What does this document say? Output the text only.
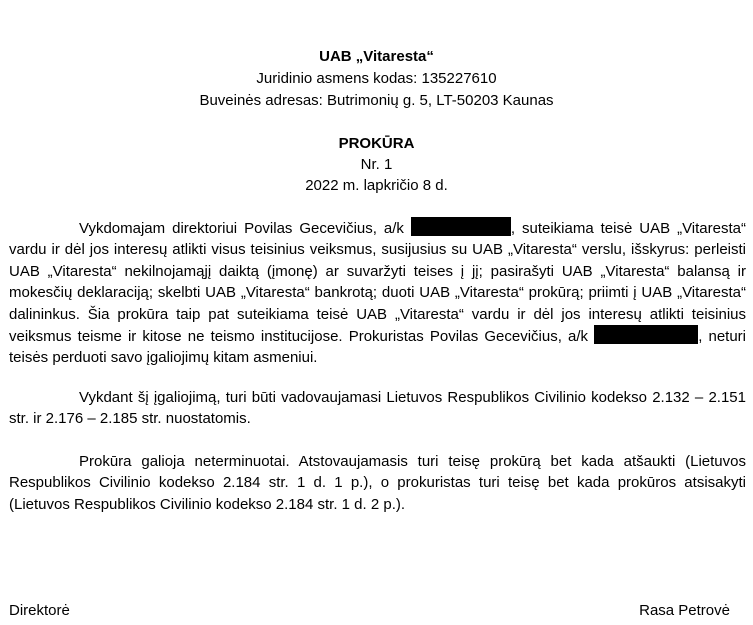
UAB „Vitaresta“
Juridinio asmens kodas: 135227610
Buveinės adresas: Butrimonių g. 5, LT-50203 Kaunas
PROKŪRA
Nr. 1
2022 m. lapkričio 8 d.

Vykdomajam direktoriui Povilas Gecevičius, a/k	, suteikiama teisė UAB „Vitaresta“ vardu ir dėl jos interesų atlikti visus teisinius veiksmus, susijusius su UAB „Vitaresta“ verslu, išskyrus: perleisti UAB „Vitaresta“ nekilnojamąjį daiktą (įmonę) ar suvaržyti teises į jį; pasirašyti UAB „Vitaresta“ balansą ir mokesčių deklaraciją; skelbti UAB „Vitaresta“ bankrotą; duoti UAB „Vitaresta“ prokūrą; priimti į UAB „Vitaresta“ dalininkus. Šia prokūra taip pat suteikiama teisė UAB „Vitaresta“ vardu ir dėl jos interesų atlikti teisinius veiksmus teisme ir kitose ne teismo institucijose. Prokuristas Povilas Gecevičius, a/k	, neturi teisės perduoti savo įgaliojimų kitam asmeniui.

Vykdant šį įgaliojimą, turi būti vadovaujamasi Lietuvos Respublikos Civilinio kodekso 2.132 – 2.151 str. ir 2.176 – 2.185 str. nuostatomis.

Prokūra galioja neterminuotai. Atstovaujamasis turi teisę prokūrą bet kada atšaukti (Lietuvos Respublikos Civilinio kodekso 2.184 str. 1 d. 1 p.), o prokuristas turi teisę bet kada prokūros atsisakyti (Lietuvos Respublikos Civilinio kodekso 2.184 str. 1 d. 2 p.).

Direktorė	Rasa Petrovė
